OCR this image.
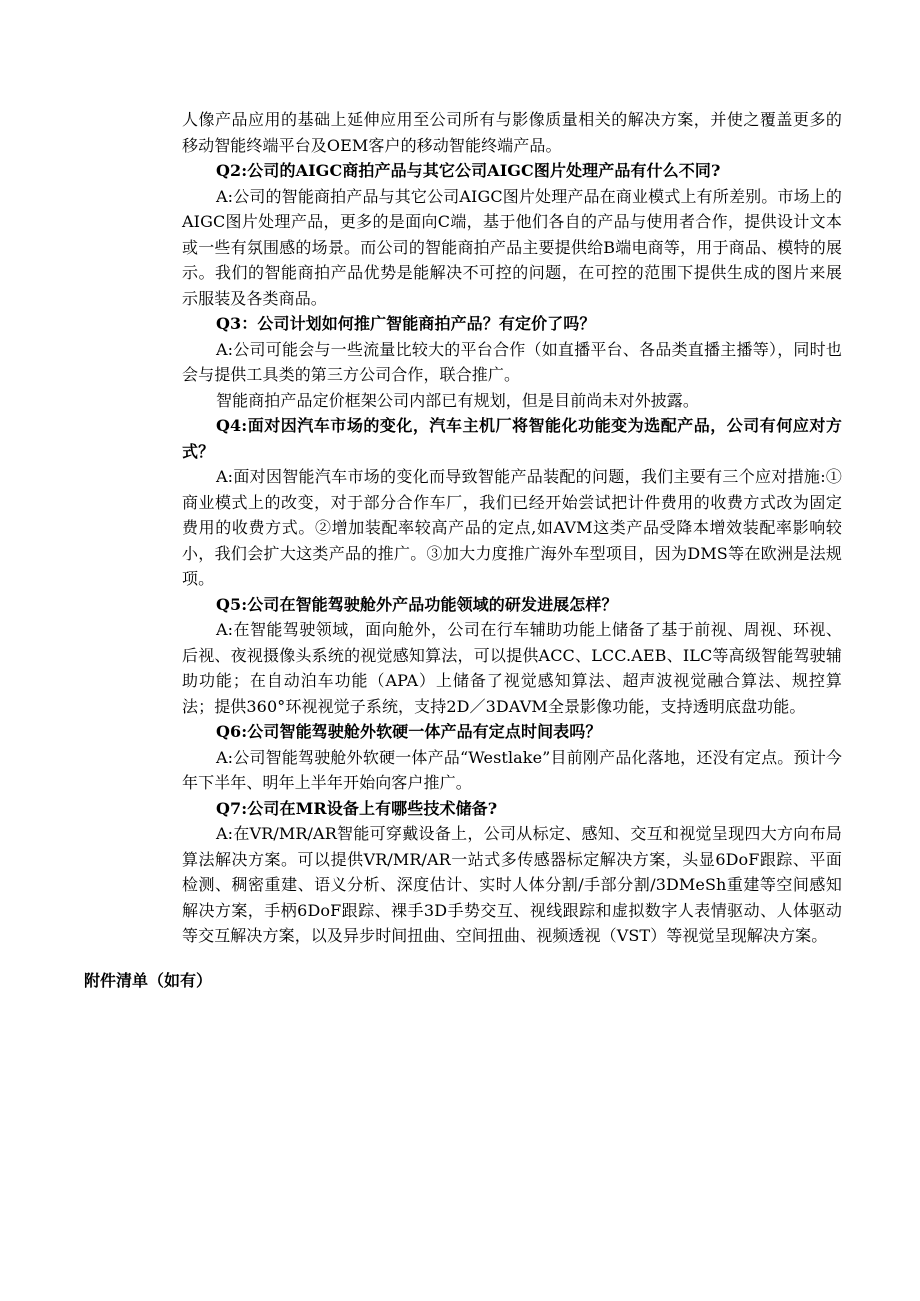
人像产品应用的基础上延伸应用至公司所有与影像质量相关的解决方案，并使之覆盖更多的移动智能终端平台及OEM客户的移动智能终端产品。

Q2:公司的AIGC商拍产品与其它公司AIGC图片处理产品有什么不同?

A:公司的智能商拍产品与其它公司AIGC图片处理产品在商业模式上有所差别。市场上的AIGC图片处理产品，更多的是面向C端，基于他们各自的产品与使用者合作，提供设计文本或一些有氛围感的场景。而公司的智能商拍产品主要提供给B端电商等，用于商品、模特的展示。我们的智能商拍产品优势是能解决不可控的问题，在可控的范围下提供生成的图片来展示服装及各类商品。

Q3：公司计划如何推广智能商拍产品？有定价了吗？

A:公司可能会与一些流量比较大的平台合作（如直播平台、各品类直播主播等），同时也会与提供工具类的第三方公司合作，联合推广。

智能商拍产品定价框架公司内部已有规划，但是目前尚未对外披露。

Q4:面对因汽车市场的变化，汽车主机厂将智能化功能变为选配产品，公司有何应对方式？

A:面对因智能汽车市场的变化而导致智能产品装配的问题，我们主要有三个应对措施:①商业模式上的改变，对于部分合作车厂，我们已经开始尝试把计件费用的收费方式改为固定费用的收费方式。②增加装配率较高产品的定点,如AVM这类产品受降本增效装配率影响较小，我们会扩大这类产品的推广。③加大力度推广海外车型项目，因为DMS等在欧洲是法规项。

Q5:公司在智能驾驶舱外产品功能领域的研发进展怎样？

A:在智能驾驶领域，面向舱外，公司在行车辅助功能上储备了基于前视、周视、环视、后视、夜视摄像头系统的视觉感知算法，可以提供ACC、LCC.AEB、ILC等高级智能驾驶辅助功能；在自动泊车功能（APA）上储备了视觉感知算法、超声波视觉融合算法、规控算法；提供360°环视视觉子系统，支持2D／3DAVM全景影像功能，支持透明底盘功能。

Q6:公司智能驾驶舱外软硬一体产品有定点时间表吗？

A:公司智能驾驶舱外软硬一体产品“Westlake”目前刚产品化落地，还没有定点。预计今年下半年、明年上半年开始向客户推广。

Q7:公司在MR设备上有哪些技术储备?

A:在VR/MR/AR智能可穿戴设备上，公司从标定、感知、交互和视觉呈现四大方向布局算法解决方案。可以提供VR/MR/AR一站式多传感器标定解决方案，头显6DoF跟踪、平面检测、稠密重建、语义分析、深度估计、实时人体分割/手部分割/3DMeSh重建等空间感知解决方案，手柄6DoF跟踪、裸手3D手势交互、视线跟踪和虚拟数字人表情驱动、人体驱动等交互解决方案，以及异步时间扭曲、空间扭曲、视频透视（VST）等视觉呈现解决方案。

附件清单（如有）
